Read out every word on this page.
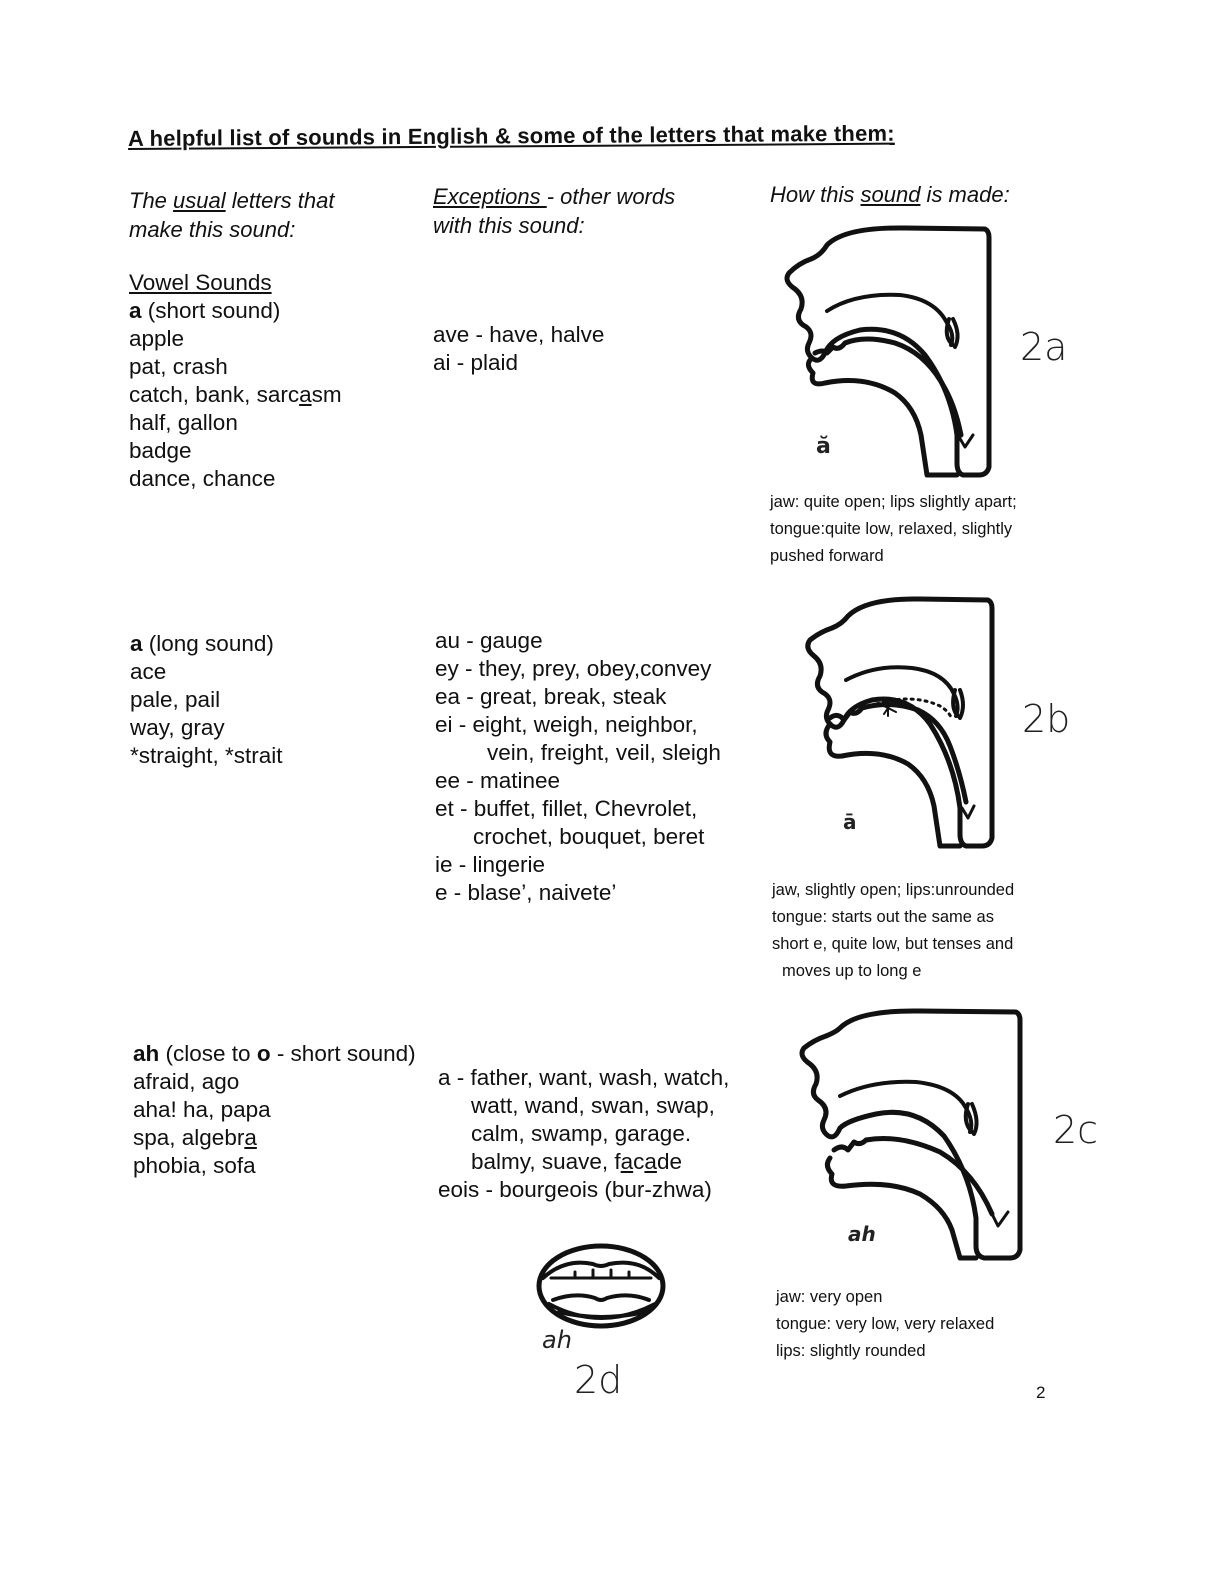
A helpful list of sounds in English & some of the letters that make them:
The usual letters that
make this sound:
Exceptions - other words
with this sound:
How this sound is made:
Vowel Sounds
a (short sound)
apple
pat, crash
catch, bank, sarcasm
half, gallon
badge
dance, chance
ave - have, halve
ai - plaid
ă
2a
jaw: quite open; lips slightly apart;
tongue:quite low, relaxed, slightly
pushed forward
a (long sound)
ace
pale, pail
way, gray
*straight, *strait
au - gauge
ey - they, prey, obey,convey
ea - great, break, steak
ei - eight, weigh, neighbor,
vein, freight, veil, sleigh
ee - matinee
et - buffet, fillet, Chevrolet,
crochet, bouquet, beret
ie - lingerie
e - blase’, naivete’
ā
2b
jaw, slightly open; lips:unrounded
tongue: starts out the same as
short e, quite low, but tenses and
moves up to long e
ah (close to o - short sound)
afraid, ago
aha! ha, papa
spa, algebra
phobia, sofa
a - father, want, wash, watch,
watt, wand, swan, swap,
calm, swamp, garage.
balmy, suave, facade
eois - bourgeois (bur-zhwa)
ah
2c
jaw: very open
tongue: very low, very relaxed
lips: slightly rounded
ah
2d	2
